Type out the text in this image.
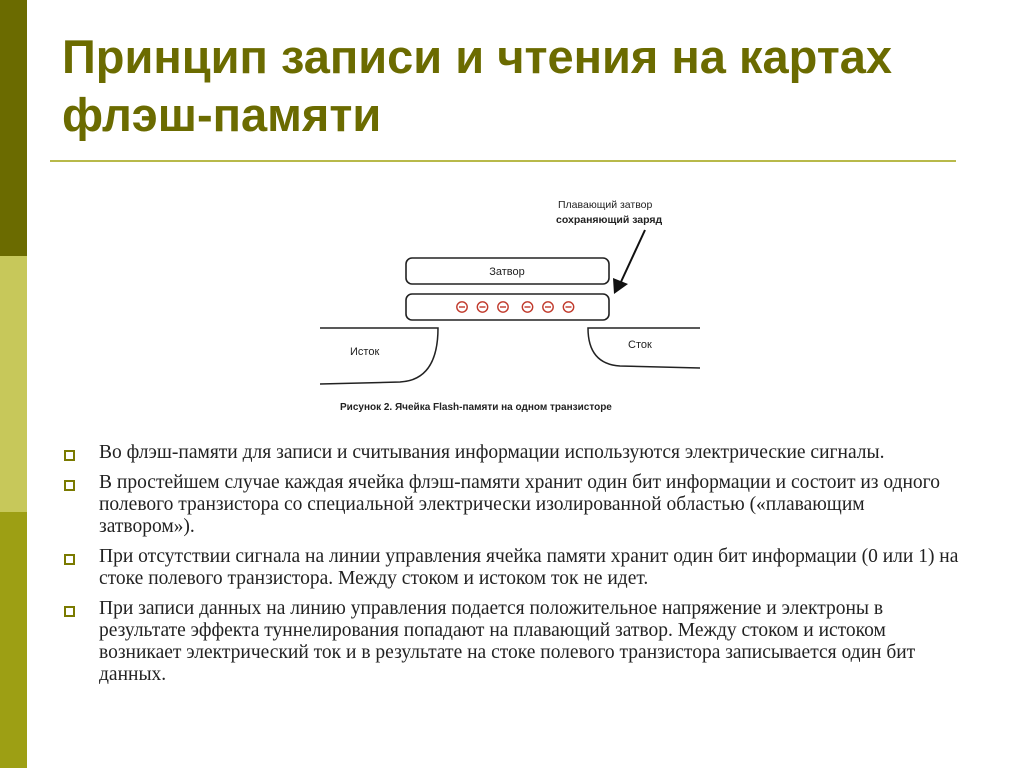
Принцип записи и чтения на картах флэш-памяти
Плавающий затвор
сохраняющий заряд
Затвор
Исток
Сток
Рисунок 2. Ячейка Flash-памяти на одном транзисторе
Во флэш-памяти для записи и считывания информации используются электрические сигналы.
В простейшем случае каждая ячейка флэш-памяти хранит один бит информации и состоит из одного полевого транзистора со специальной электрически изолированной областью («плавающим затвором»).
При отсутствии сигнала на линии управления ячейка памяти хранит один бит информации (0 или 1) на стоке полевого транзистора. Между стоком и истоком ток не идет.
При записи данных на линию управления подается положительное напряжение и электроны в результате эффекта туннелирования попадают на плавающий затвор. Между стоком и истоком возникает электрический ток и в результате на стоке полевого транзистора записывается один бит данных.
